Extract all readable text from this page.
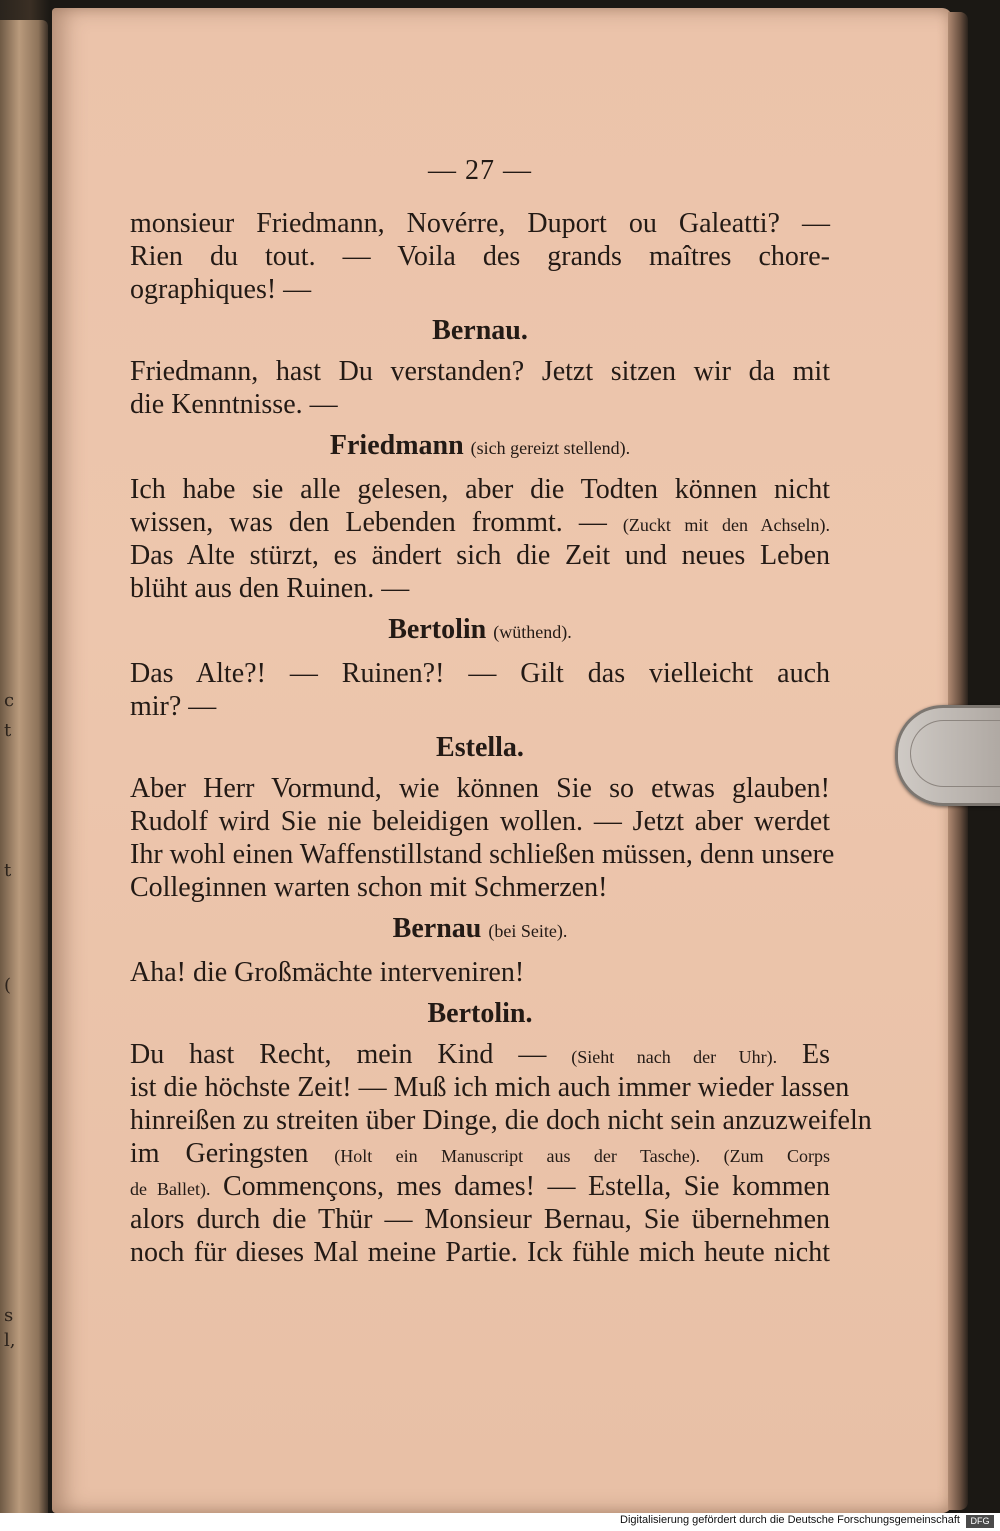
c
t
t
(
s
l,
— 27 —
monsieur Friedmann, Novérre, Duport ou Galeatti? —
Rien du tout. — Voila des grands maîtres chore-
ographiques! —
Bernau.
Friedmann, hast Du verstanden? Jetzt sitzen wir da mit
die Kenntnisse. —
Friedmann (sich gereizt stellend).
Ich habe sie alle gelesen, aber die Todten können nicht
wissen, was den Lebenden frommt. — (Zuckt mit den Achseln).
Das Alte stürzt, es ändert sich die Zeit und neues Leben
blüht aus den Ruinen. —
Bertolin (wüthend).
Das Alte?! — Ruinen?! — Gilt das vielleicht auch
mir? —
Estella.
Aber Herr Vormund, wie können Sie so etwas glauben!
Rudolf wird Sie nie beleidigen wollen. — Jetzt aber werdet
Ihr wohl einen Waffenstillstand schließen müssen, denn unsere
Colleginnen warten schon mit Schmerzen!
Bernau (bei Seite).
Aha! die Großmächte interveniren!
Bertolin.
Du hast Recht, mein Kind — (Sieht nach der Uhr). Es
ist die höchste Zeit! — Muß ich mich auch immer wieder lassen
hinreißen zu streiten über Dinge, die doch nicht sein anzuzweifeln
im Geringsten (Holt ein Manuscript aus der Tasche). (Zum Corps
de Ballet). Commençons, mes dames! — Estella, Sie kommen
alors durch die Thür — Monsieur Bernau, Sie übernehmen
noch für dieses Mal meine Partie. Ick fühle mich heute nicht
Digitalisierung gefördert durch die Deutsche Forschungsgemeinschaft	DFG
